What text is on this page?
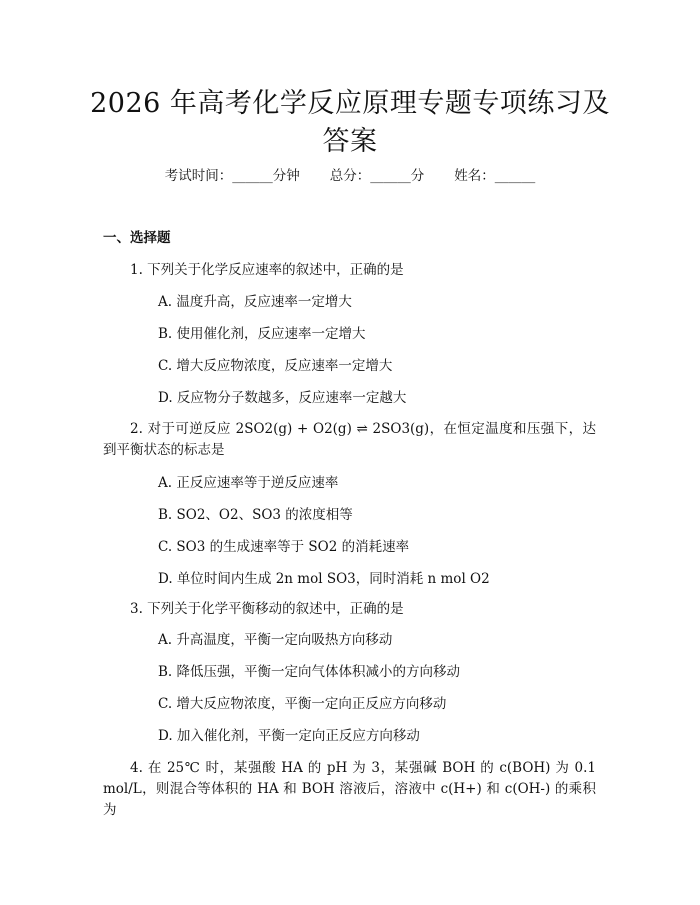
2026 年高考化学反应原理专题专项练习及答案
考试时间：______分钟 总分：______分 姓名：______
一、选择题
1. 下列关于化学反应速率的叙述中，正确的是
A. 温度升高，反应速率一定增大
B. 使用催化剂，反应速率一定增大
C. 增大反应物浓度，反应速率一定增大
D. 反应物分子数越多，反应速率一定越大
2. 对于可逆反应 2SO2(g) + O2(g) ⇌ 2SO3(g)，在恒定温度和压强下，达到平衡状态的标志是
A. 正反应速率等于逆反应速率
B. SO2、O2、SO3 的浓度相等
C. SO3 的生成速率等于 SO2 的消耗速率
D. 单位时间内生成 2n mol SO3，同时消耗 n mol O2
3. 下列关于化学平衡移动的叙述中，正确的是
A. 升高温度，平衡一定向吸热方向移动
B. 降低压强，平衡一定向气体体积减小的方向移动
C. 增大反应物浓度，平衡一定向正反应方向移动
D. 加入催化剂，平衡一定向正反应方向移动
4. 在 25℃ 时，某强酸 HA 的 pH 为 3，某强碱 BOH 的 c(BOH) 为 0.1 mol/L，则混合等体积的 HA 和 BOH 溶液后，溶液中 c(H+) 和 c(OH-) 的乘积为
